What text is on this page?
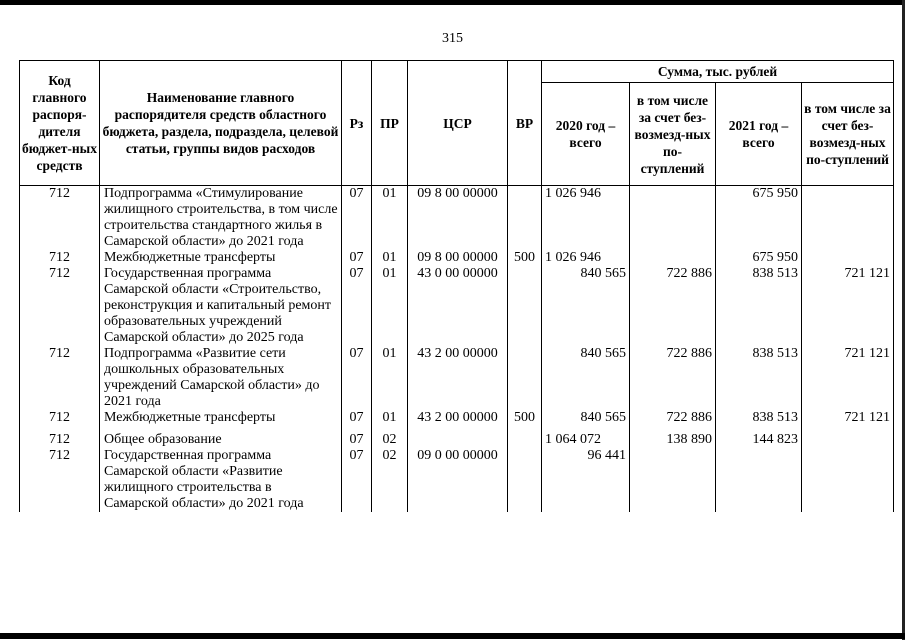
315
Код главного распоря-дителя бюджет-ных средств	Наименование главного распорядителя средств областного бюджета, раздела, подраздела, целевой статьи, группы видов расходов	Рз	ПР	ЦСР	ВР	Сумма, тыс. рублей			
						2020 год – всего	в том числе за счет без-возмезд-ных по-ступлений	2021 год – всего	в том числе за счет без-возмезд-ных по-ступлений
712	Подпрограмма «Стимулирование жилищного строительства, в том числе строительства стандартного жилья в Самарской области» до 2021 года	07	01	09 8 00 00000		1 026 946		675 950	
712	Межбюджетные трансферты	07	01	09 8 00 00000	500	1 026 946		675 950	
712	Государственная программа Самарской области «Строительство, реконструкция и капитальный ремонт образовательных учреждений Самарской области» до 2025 года	07	01	43 0 00 00000		840 565	722 886	838 513	721 121
712	Подпрограмма «Развитие сети дошкольных образовательных учреждений Самарской области» до 2021 года	07	01	43 2 00 00000		840 565	722 886	838 513	721 121
712	Межбюджетные трансферты	07	01	43 2 00 00000	500	840 565	722 886	838 513	721 121

712	Общее образование	07	02			1 064 072	138 890	144 823	
712	Государственная программа Самарской области «Развитие жилищного строительства в Самарской области» до 2021 года	07	02	09 0 00 00000		96 441			
